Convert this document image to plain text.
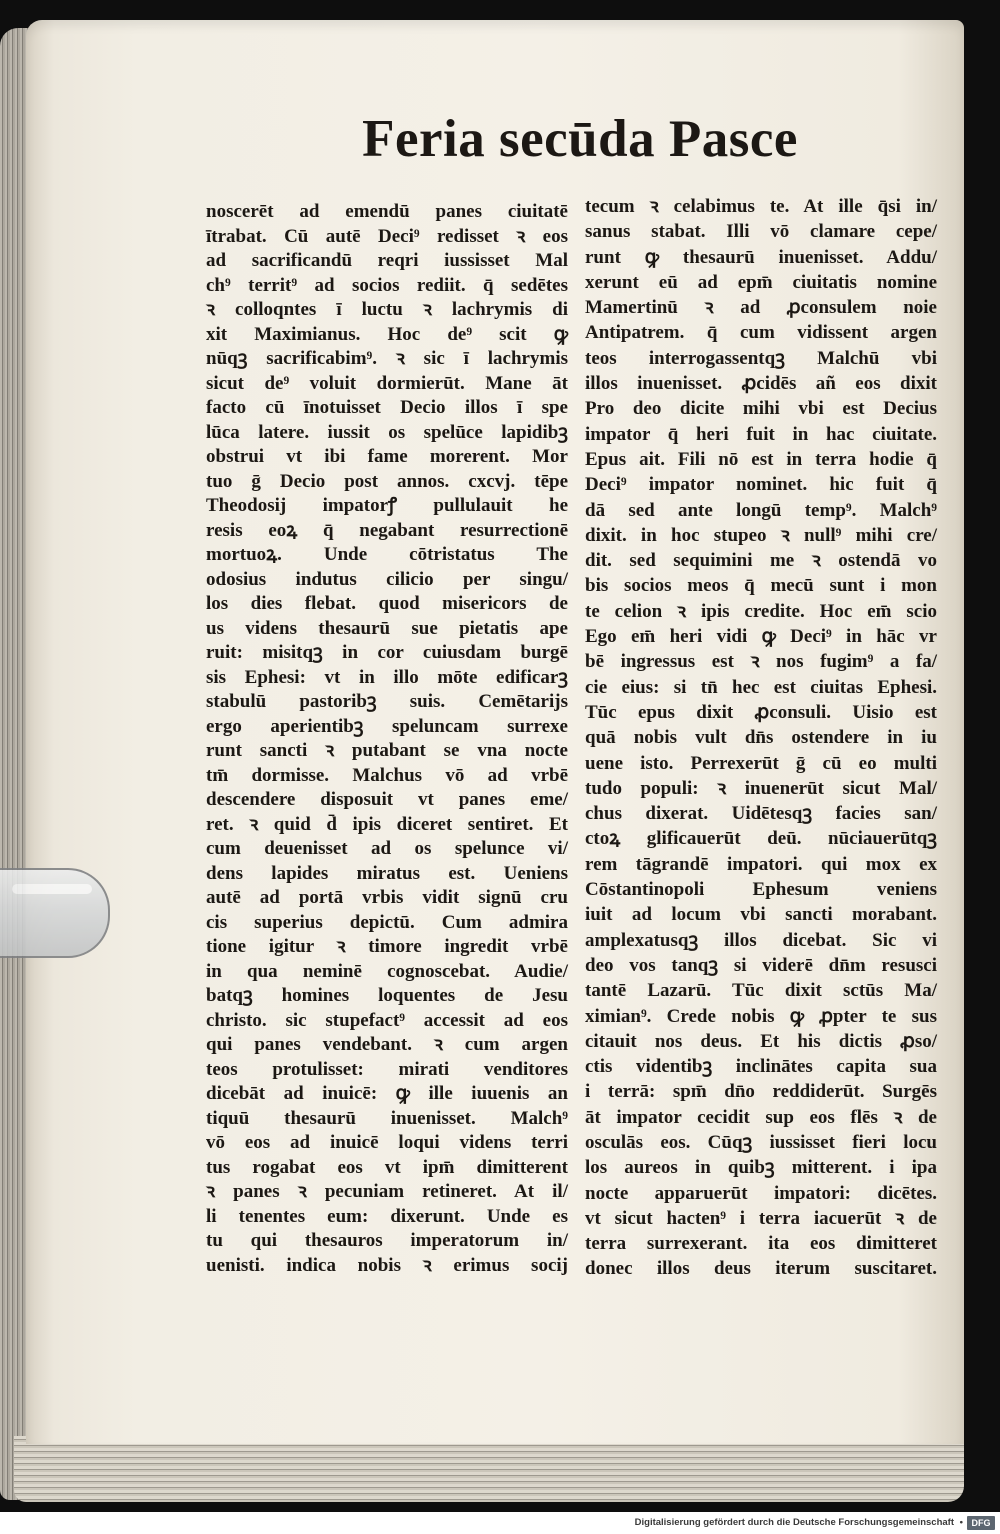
Feria secūda Pasce
noscerēt ad emendū panes ciuitatē
ītrabat. Cū autē Deci⁹ redisset ꝛ eos
ad sacrificandū reqri iussisset Mal
ch⁹ territ⁹ ad socios rediit. q̄ sedētes
ꝛ colloqntes ī luctu ꝛ lachrymis di
xit Maximianus. Hoc de⁹ scit ꝙ
nūqꝫ sacrificabim⁹. ꝛ sic ī lachrymis
sicut de⁹ voluit dormierūt. Mane āt
facto cū īnotuisset Decio illos ī spe
lūca latere. iussit os spelūce lapidibꝫ
obstrui vt ibi fame morerent. Mor
tuo ḡ Decio post annos. cxcvj. tēpe
Theodosij impatorꝭ pullulauit he
resis eoꝝ q̄ negabant resurrectionē
mortuoꝝ. Unde cōtristatus The
odosius indutus cilicio per singu/
los dies flebat. quod misericors de
us videns thesaurū sue pietatis ape
ruit: misitqꝫ in cor cuiusdam burgē
sis Ephesi: vt in illo mōte edificarꝫ
stabulū pastoribꝫ suis. Cemētarijs
ergo aperientibꝫ speluncam surrexe
runt sancti ꝛ putabant se vna nocte
tm̄ dormisse. Malchus vō ad vrbē
descendere disposuit vt panes eme/
ret. ꝛ quid d̄ ipis diceret sentiret. Et
cum deuenisset ad os spelunce vi/
dens lapides miratus est. Ueniens
autē ad portā vrbis vidit signū cru
cis superius depictū. Cum admira
tione igitur ꝛ timore ingredit vrbē
in qua neminē cognoscebat. Audie/
batqꝫ homines loquentes de Jesu
christo. sic stupefact⁹ accessit ad eos
qui panes vendebant. ꝛ cum argen
teos protulisset: mirati venditores
dicebāt ad inuicē: ꝙ ille iuuenis an
tiquū thesaurū inuenisset. Malch⁹
vō eos ad inuicē loqui videns terri
tus rogabat eos vt ipm̄ dimitterent
ꝛ panes ꝛ pecuniam retineret. At il/
li tenentes eum: dixerunt. Unde es
tu qui thesauros imperatorum in/
uenisti. indica nobis ꝛ erimus socij
tecum ꝛ celabimus te. At ille q̄si in/
sanus stabat. Illi vō clamare cepe/
runt ꝙ thesaurū inuenisset. Addu/
xerunt eū ad epm̄ ciuitatis nomine
Mamertinū ꝛ ad ꝓconsulem noie
Antipatrem. q̄ cum vidissent argen
teos interrogassentqꝫ Malchū vbi
illos inuenisset. ꝓcidēs añ eos dixit
Pro deo dicite mihi vbi est Decius
impator q̄ heri fuit in hac ciuitate.
Epus ait. Fili nō est in terra hodie q̄
Deci⁹ impator nominet. hic fuit q̄
dā sed ante longū temp⁹. Malch⁹
dixit. in hoc stupeo ꝛ null⁹ mihi cre/
dit. sed sequimini me ꝛ ostendā vo
bis socios meos q̄ mecū sunt i mon
te celion ꝛ ipis credite. Hoc em̄ scio
Ego em̄ heri vidi ꝙ Deci⁹ in hāc vr
bē ingressus est ꝛ nos fugim⁹ a fa/
cie eius: si tn̄ hec est ciuitas Ephesi.
Tūc epus dixit ꝓconsuli. Uisio est
quā nobis vult dn̄s ostendere in iu
uene isto. Perrexerūt ḡ cū eo multi
tudo populi: ꝛ inuenerūt sicut Mal/
chus dixerat. Uidētesqꝫ facies san/
ctoꝝ glificauerūt deū. nūciauerūtqꝫ
rem tāgrandē impatori. qui mox ex
Cōstantinopoli Ephesum veniens
iuit ad locum vbi sancti morabant.
amplexatusqꝫ illos dicebat. Sic vi
deo vos tanqꝫ si viderē dn̄m resusci
tantē Lazarū. Tūc dixit sctūs Ma/
ximian⁹. Crede nobis ꝙ ꝓpter te sus
citauit nos deus. Et his dictis ꝓso/
ctis videntibꝫ inclinātes capita sua
i terrā: spm̄ dn̄o reddiderūt. Surgēs
āt impator cecidit sup eos flēs ꝛ de
osculās eos. Cūqꝫ iussisset fieri locu
los aureos in quibꝫ mitterent. i ipa
nocte apparuerūt impatori: dicētes.
vt sicut hacten⁹ i terra iacuerūt ꝛ de
terra surrexerant. ita eos dimitteret
donec illos deus iterum suscitaret.
Digitalisierung gefördert durch die Deutsche Forschungsgemeinschaft • DFG
